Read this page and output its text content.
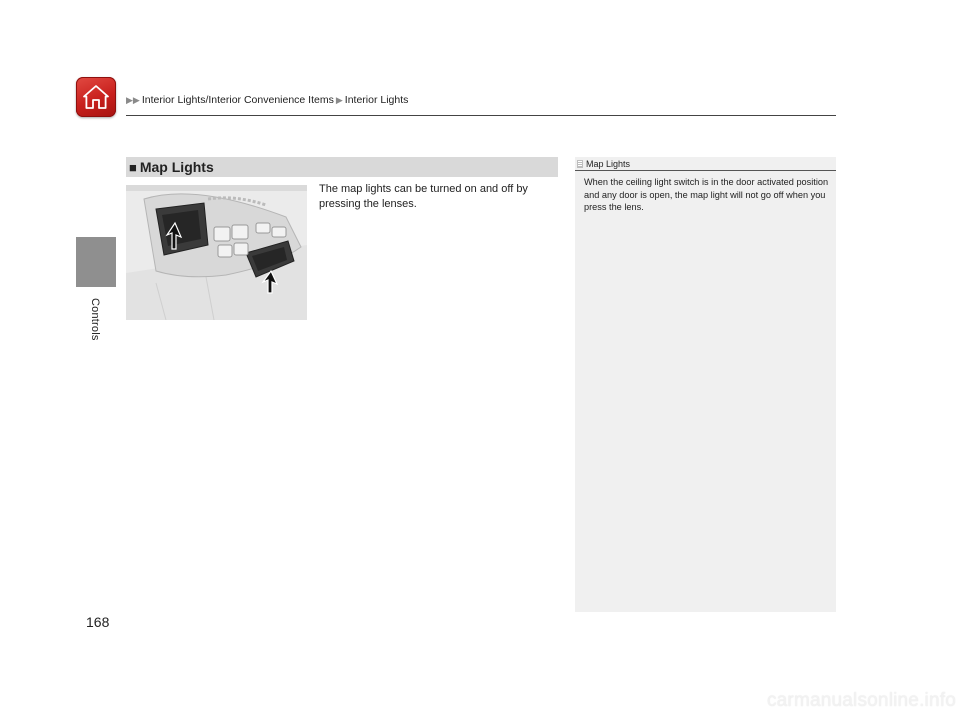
▶▶ Interior Lights/Interior Convenience Items ▶ Interior Lights
Controls
■ Map Lights
The map lights can be turned on and off by pressing the lenses.
Map Lights
When the ceiling light switch is in the door activated position and any door is open, the map light will not go off when you press the lens.
168
carmanualsonline.info
